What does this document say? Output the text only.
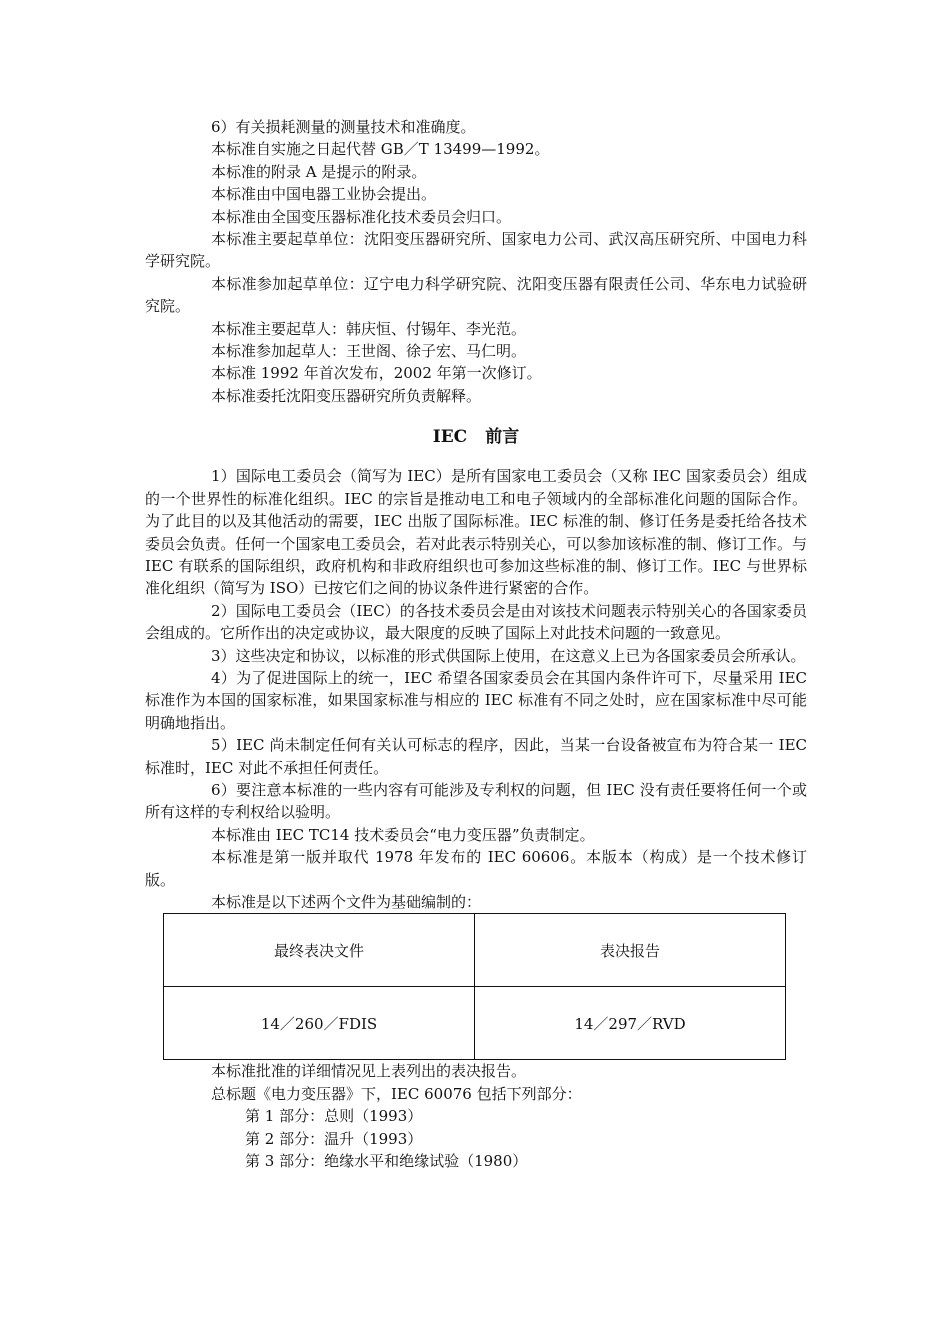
6）有关损耗测量的测量技术和准确度。

本标准自实施之日起代替 GB／T 13499—1992。

本标准的附录 A 是提示的附录。

本标准由中国电器工业协会提出。

本标准由全国变压器标准化技术委员会归口。

本标准主要起草单位：沈阳变压器研究所、国家电力公司、武汉高压研究所、中国电力科学研究院。

本标准参加起草单位：辽宁电力科学研究院、沈阳变压器有限责任公司、华东电力试验研究院。

本标准主要起草人：韩庆恒、付锡年、李光范。

本标准参加起草人：王世阁、徐子宏、马仁明。

本标准 1992 年首次发布，2002 年第一次修订。

本标准委托沈阳变压器研究所负责解释。

IEC 前言

1）国际电工委员会（简写为 IEC）是所有国家电工委员会（又称 IEC 国家委员会）组成的一个世界性的标准化组织。IEC 的宗旨是推动电工和电子领域内的全部标准化问题的国际合作。为了此目的以及其他活动的需要，IEC 出版了国际标准。IEC 标准的制、修订任务是委托给各技术委员会负责。任何一个国家电工委员会，若对此表示特别关心，可以参加该标准的制、修订工作。与 IEC 有联系的国际组织，政府机构和非政府组织也可参加这些标准的制、修订工作。IEC 与世界标准化组织（简写为 ISO）已按它们之间的协议条件进行紧密的合作。

2）国际电工委员会（IEC）的各技术委员会是由对该技术问题表示特别关心的各国家委员会组成的。它所作出的决定或协议，最大限度的反映了国际上对此技术问题的一致意见。

3）这些决定和协议，以标准的形式供国际上使用，在这意义上已为各国家委员会所承认。

4）为了促进国际上的统一，IEC 希望各国家委员会在其国内条件许可下，尽量采用 IEC 标准作为本国的国家标准，如果国家标准与相应的 IEC 标准有不同之处时，应在国家标准中尽可能明确地指出。

5）IEC 尚未制定任何有关认可标志的程序，因此，当某一台设备被宣布为符合某一 IEC 标准时，IEC 对此不承担任何责任。

6）要注意本标准的一些内容有可能涉及专利权的问题，但 IEC 没有责任要将任何一个或所有这样的专利权给以验明。

本标准由 IEC TC14 技术委员会“电力变压器”负责制定。

本标准是第一版并取代 1978 年发布的 IEC 60606。本版本（构成）是一个技术修订版。

本标准是以下述两个文件为基础编制的：

最终表决文件	表决报告
14／260／FDIS	14／297／RVD

本标准批准的详细情况见上表列出的表决报告。

总标题《电力变压器》下，IEC 60076 包括下列部分：

第 1 部分：总则（1993）

第 2 部分：温升（1993）

第 3 部分：绝缘水平和绝缘试验（1980）
